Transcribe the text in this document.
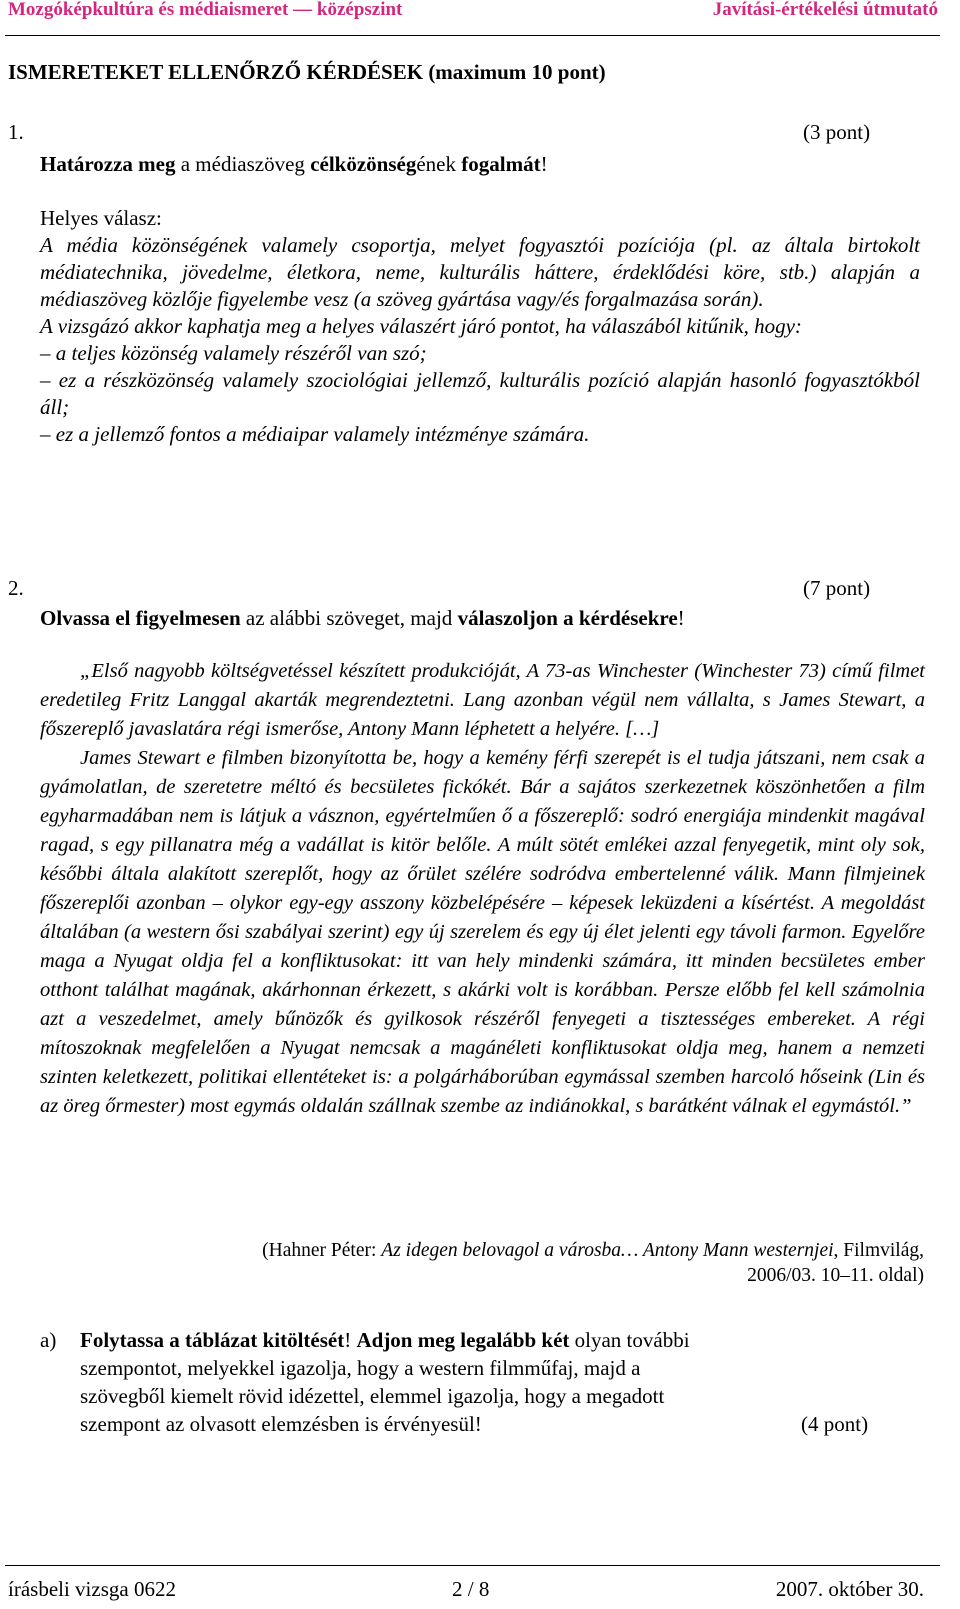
Mozgóképkultúra és médiaismeret — középszint	Javítási-értékelési útmutató
ISMERETEKET ELLENŐRZŐ KÉRDÉSEK (maximum 10 pont)
1.	(3 pont)
Határozza meg a médiaszöveg célközönségének fogalmát!

Helyes válasz:

A média közönségének valamely csoportja, melyet fogyasztói pozíciója (pl. az általa birtokolt médiatechnika, jövedelme, életkora, neme, kulturális háttere, érdeklődési köre, stb.) alapján a médiaszöveg közlője figyelembe vesz (a szöveg gyártása vagy/és forgalmazása során).

A vizsgázó akkor kaphatja meg a helyes válaszért járó pontot, ha válaszából kitűnik, hogy:

– a teljes közönség valamely részéről van szó;

– ez a részközönség valamely szociológiai jellemző, kulturális pozíció alapján hasonló fogyasztókból áll;

– ez a jellemző fontos a médiaipar valamely intézménye számára.

2.	(7 pont)
Olvassa el figyelmesen az alábbi szöveget, majd válaszoljon a kérdésekre!

„Első nagyobb költségvetéssel készített produkcióját, A 73-as Winchester (Winchester 73) című filmet eredetileg Fritz Langgal akarták megrendeztetni. Lang azonban végül nem vállalta, s James Stewart, a főszereplő javaslatára régi ismerőse, Antony Mann léphetett a helyére. […]

James Stewart e filmben bizonyította be, hogy a kemény férfi szerepét is el tudja játszani, nem csak a gyámolatlan, de szeretetre méltó és becsületes fickókét. Bár a sajátos szerkezetnek köszönhetően a film egyharmadában nem is látjuk a vásznon, egyértelműen ő a főszereplő: sodró energiája mindenkit magával ragad, s egy pillanatra még a vadállat is kitör belőle. A múlt sötét emlékei azzal fenyegetik, mint oly sok, későbbi általa alakított szereplőt, hogy az őrület szélére sodródva embertelenné válik. Mann filmjeinek főszereplői azonban – olykor egy-egy asszony közbelépésére – képesek leküzdeni a kísértést. A megoldást általában (a western ősi szabályai szerint) egy új szerelem és egy új élet jelenti egy távoli farmon. Egyelőre maga a Nyugat oldja fel a konfliktusokat: itt van hely mindenki számára, itt minden becsületes ember otthont találhat magának, akárhonnan érkezett, s akárki volt is korábban. Persze előbb fel kell számolnia azt a veszedelmet, amely bűnözők és gyilkosok részéről fenyegeti a tisztességes embereket. A régi mítoszoknak megfelelően a Nyugat nemcsak a magánéleti konfliktusokat oldja meg, hanem a nemzeti szinten keletkezett, politikai ellentéteket is: a polgárháborúban egymással szemben harcoló hőseink (Lin és az öreg őrmester) most egymás oldalán szállnak szembe az indiánokkal, s barátként válnak el egymástól.”

(Hahner Péter: Az idegen belovagol a városba… Antony Mann westernjei, Filmvilág,
2006/03. 10–11. oldal)
a) Folytassa a táblázat kitöltését! Adjon meg legalább két olyan további
szempontot, melyekkel igazolja, hogy a western filmműfaj, majd a
szövegből kiemelt rövid idézettel, elemmel igazolja, hogy a megadott
szempont az olvasott elemzésben is érvényesül!	(4 pont)
írásbeli vizsga 0622	2 / 8	2007. október 30.
